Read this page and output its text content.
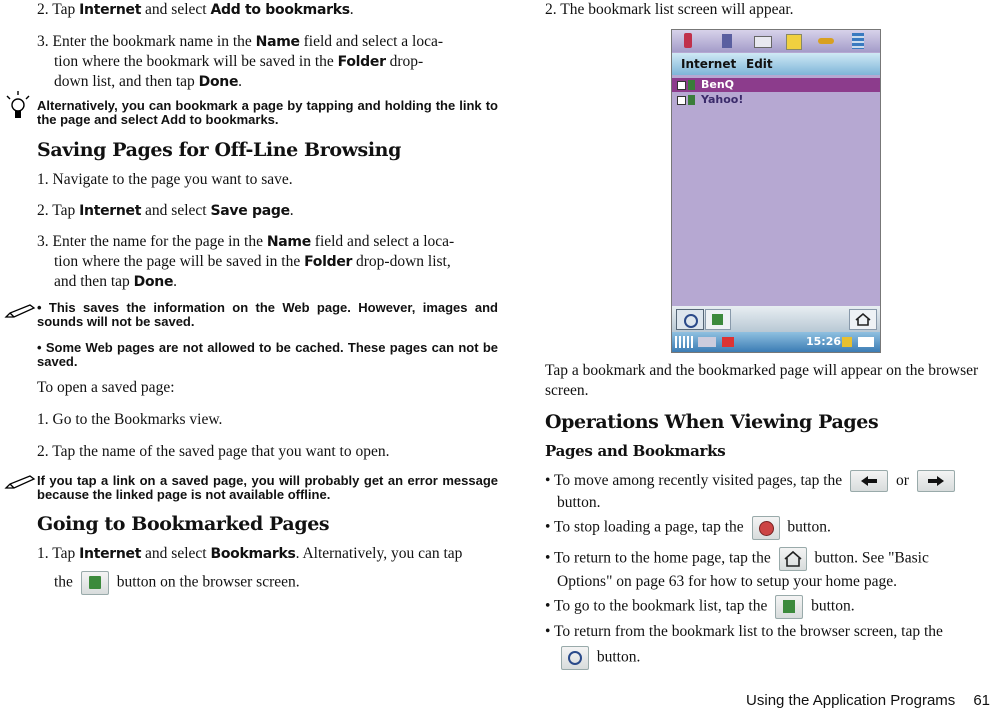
2. Tap Internet and select Add to bookmarks.
3. Enter the bookmark name in the Name field and select a loca-
tion where the bookmark will be saved in the Folder drop-
down list, and then tap Done.
Alternatively, you can bookmark a page by tapping and holding the link to the page and select Add to bookmarks.
Saving Pages for Off-Line Browsing
1. Navigate to the page you want to save.
2. Tap Internet and select Save page.
3. Enter the name for the page in the Name field and select a loca-
tion where the page will be saved in the Folder drop-down list,
and then tap Done.
• This saves the information on the Web page. However, images and sounds will not be saved.
• Some Web pages are not allowed to be cached. These pages can not be saved.
To open a saved page:
1. Go to the Bookmarks view.
2. Tap the name of the saved page that you want to open.
If you tap a link on a saved page, you will probably get an error message because the linked page is not available offline.
Going to Bookmarked Pages
1. Tap Internet and select Bookmarks. Alternatively, you can tap
the
button on the browser screen.
2. The bookmark list screen will appear.
Internet Edit
BenQ
Yahoo!
15:26
Tap a bookmark and the bookmarked page will appear on the browser screen.
Operations When Viewing Pages
Pages and Bookmarks
• To move among recently visited pages, tap the	or
button.
• To stop loading a page, tap the
button.
• To return to the home page, tap the
button. See "Basic
Options" on page 63 for how to setup your home page.
• To go to the bookmark list, tap the
button.
• To return from the bookmark list to the browser screen, tap the
button.
Using the Application Programs 61
